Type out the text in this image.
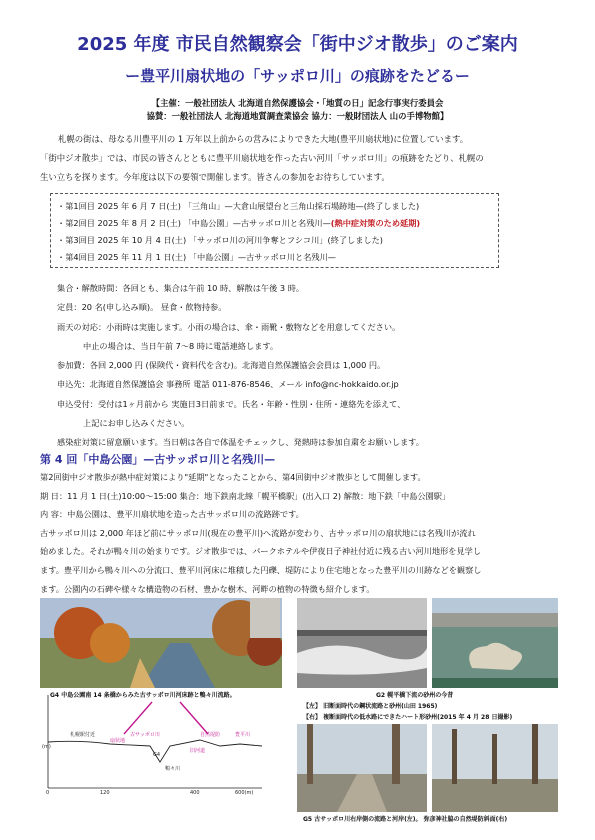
2025 年度 市民自然観察会「街中ジオ散歩」のご案内
ー豊平川扇状地の「サッポロ川」の痕跡をたどるー
【主催：一般社団法人 北海道自然保護協会・「地質の日」記念行事実行委員会
協賛：一般社団法人 北海道地質調査業協会 協力：一般財団法人 山の手博物館】

札幌の街は、母なる川豊平川の 1 万年以上前からの営みによりできた大地(豊平川扇状地)に位置しています。

「街中ジオ散歩」では、市民の皆さんとともに豊平川扇状地を作った古い河川「サッポロ川」の痕跡をたどり、札幌の

生い立ちを探ります。今年度は以下の要領で開催します。皆さんの参加をお待ちしています。

・第1回目 2025 年 6 月 7 日(土) 「三角山」—大倉山展望台と三角山採石場跡地—(終了しました)
・第2回目 2025 年 8 月 2 日(土) 「中島公園」—古サッポロ川と名残川—(熱中症対策のため延期)
・第3回目 2025 年 10 月 4 日(土) 「サッポロ川の河川争奪とフシコ川」(終了しました)
・第4回目 2025 年 11 月 1 日(土) 「中島公園」—古サッポロ川と名残川—
集合・解散時間：各回とも、集合は午前 10 時、解散は午後 3 時。
定員：20 名(申し込み順)。 昼食・飲物持参。
雨天の対応：小雨時は実施します。小雨の場合は、傘・雨靴・敷物などを用意してください。
中止の場合は、当日午前 7～8 時に電話連絡します。
参加費：各回 2,000 円 (保険代・資料代を含む)。北海道自然保護協会会員は 1,000 円。
申込先：北海道自然保護協会 事務所 電話 011-876-8546、メール info@nc-hokkaido.or.jp
申込受付：受付は1ヶ月前から 実施日3日前まで。氏名・年齢・性別・住所・連絡先を添えて、
上記にお申し込みください。
感染症対策に留意願います。当日朝は各自で体温をチェックし、発熱時は参加自粛をお願いします。
第 4 回「中島公園」—古サッポロ川と名残川—
第2回街中ジオ散歩が熱中症対策により"延期"となったことから、第4回街中ジオ散歩として開催します。
期 日：11 月 1 日(土)10:00～15:00 集合：地下鉄南北線「幌平橋駅」(出入口 2) 解散：地下鉄「中島公園駅」
内 容：中島公園は、豊平川扇状地を造った古サッポロ川の流路跡です。
古サッポロ川は 2,000 年ほど前にサッポロ川(現在の豊平川)へ流路が変わり、古サッポロ川の扇状地には名残川が流れ
始めました。それが鴨々川の始まりです。ジオ散歩では、パークホテルや伊夜日子神社付近に残る古い河川地形を見学し
ます。豊平川から鴨々川への分流口、豊平川河床に堆積した円礫、堤防により住宅地となった豊平川の川跡などを観察し
ます。公園内の石碑や様々な構造物の石材、豊かな樹木、河畔の植物の特徴も紹介します。
G4 中島公園南 14 条橋からみた古サッポロ川河床跡と鴨々川流路。	G2 幌平橋下流の砂州の今昔
【左】 旧断面時代の鋼状流路と砂州(山田 1965)
【右】 複断面時代の低水路にできたハート形砂州(2015 年 4 月 28 日撮影)
G5 古サッポロ川右岸側の流路と河岸(左)。 弥彦神社脇の自然堤防斜面(右)
(m)
札幌駅付近	古サッポロ川
扇状地
自然堤防
鴨々川
豊平川
旧河道
G4
0	120	400	600(m)
